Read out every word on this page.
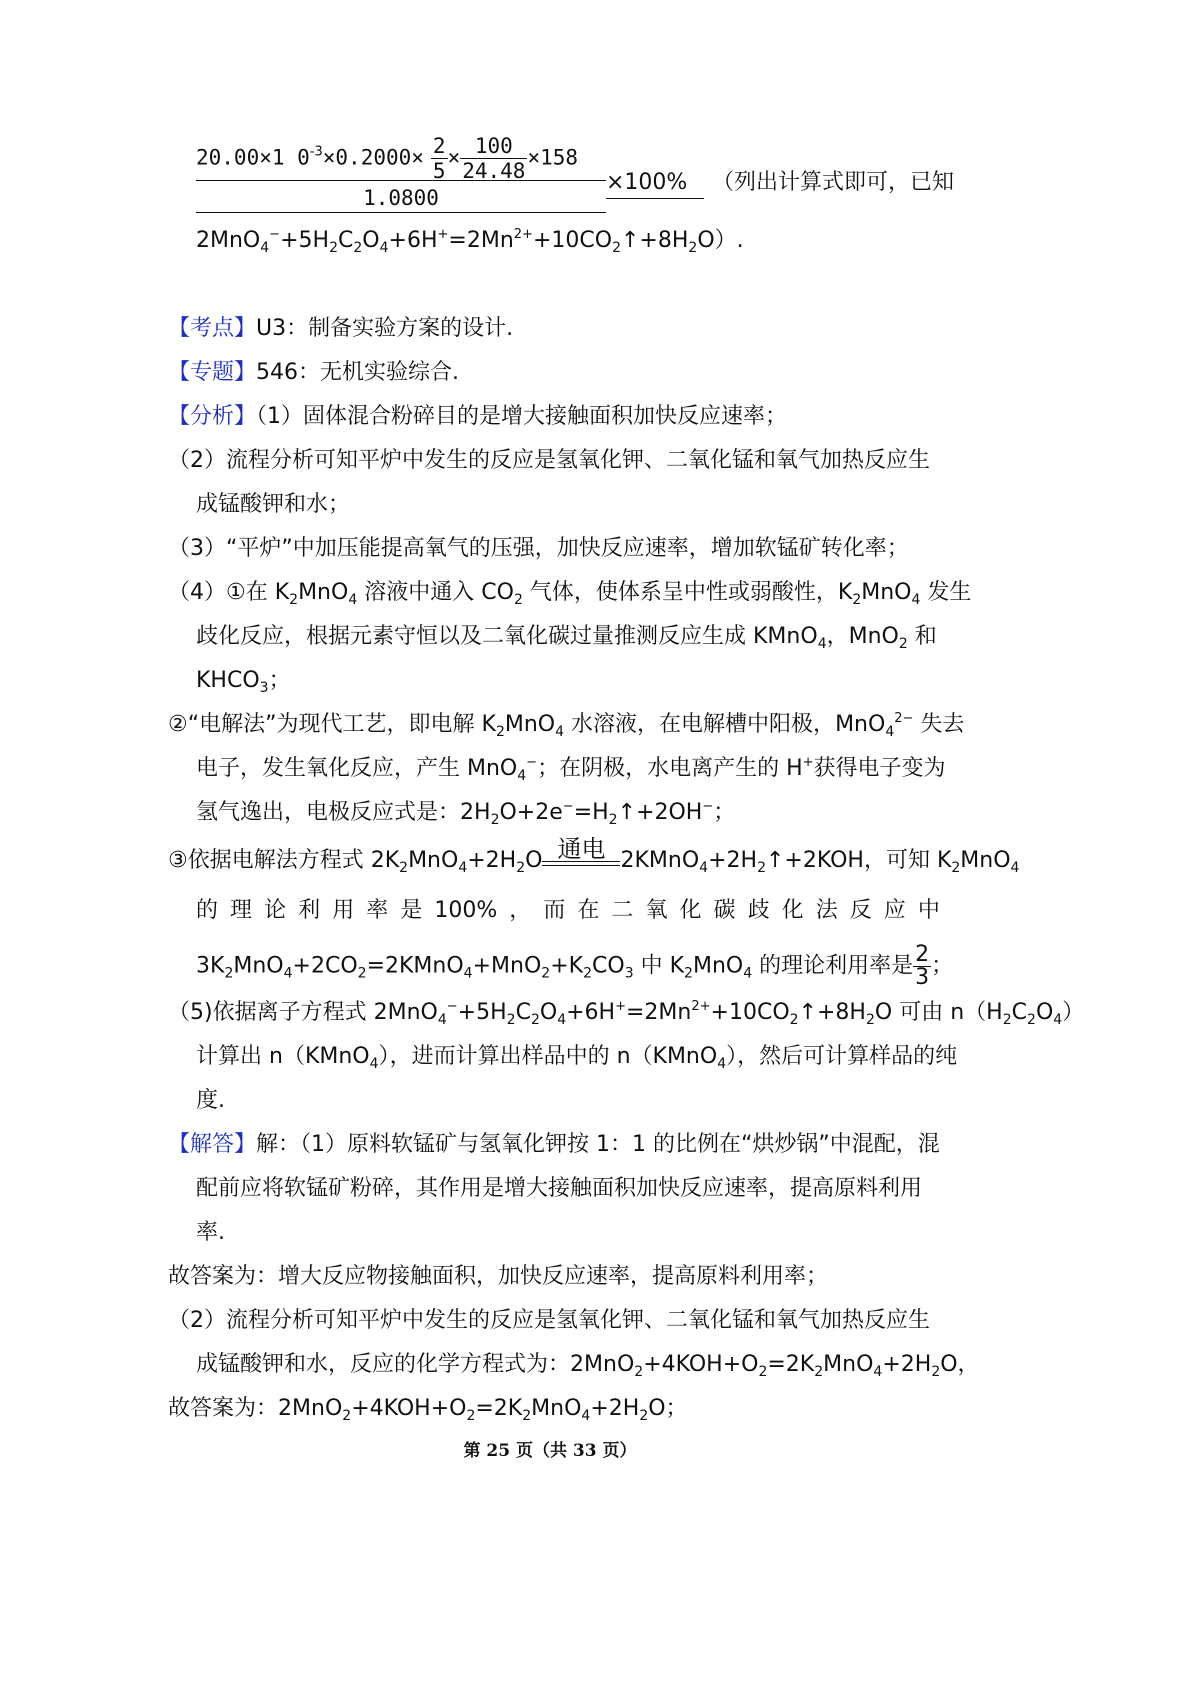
$\frac{20.00\times 1 0^{-3}\times 0.2000\times \frac{2}{5} \times \frac{100}{24.48} \times 158}{1.0800}$
×100%	（列出计算式即可，已知
$2MnO_4^-+5H_2C_2O_4+6H^+=2Mn^{2+}+10CO_2↑+8H_2O$）.
【考点】U3：制备实验方案的设计.
【专题】546：无机实验综合.
【分析】（1）固体混合粉碎目的是增大接触面积加快反应速率；
（2）流程分析可知平炉中发生的反应是氢氧化钾、二氧化锰和氧气加热反应生
成锰酸钾和水；
（3）“平炉”中加压能提高氧气的压强，加快反应速率，增加软锰矿转化率；
（4）①在 $K_2MnO_4$ 溶液中通入 $CO_2$ 气体，使体系呈中性或弱酸性，$K_2MnO_4$ 发生
歧化反应，根据元素守恒以及二氧化碳过量推测反应生成 KMnO$_4$，MnO$_2$ 和
$KHCO_3$；
②“电解法”为现代工艺，即电解 $K_2MnO_4$ 水溶液，在电解槽中阳极，MnO$_4^{2-}$ 失去
电子，发生氧化反应，产生 MnO$_4$−；在阴极，水电离产生的 H+获得电子变为
氢气逸出，电极反应式是：$2H_2O+2e^-=H_2↑+2OH^-$；
③依据电解法方程式 $2K_2MnO_4+2H_2O$ 通电 $2KMnO_4+2H_2↑+2KOH$，可知 $K_2MnO_4$
的 理 论 利 用 率 是 100% ， 而 在 二 氧 化 碳 歧 化 法 反 应 中
$3K_2MnO_4+2CO_2=2KMnO_4+MnO_2+K_2CO_3$ 中 $K_2MnO_4$ 的理论利用率是 $\frac{2}{3}$ ；
（5)依据离子方程式 $2MnO_4^-+5H_2C_2O_4+6H^+=2Mn^{2+}+10CO_2↑+8H_2O$ 可由 $n(H_2C_2O_4)$
计算出 n（KMnO$_4$），进而计算出样品中的 n（KMnO$_4$），然后可计算样品的纯
度.
【解答】解：（1）原料软锰矿与氢氧化钾按 1：1 的比例在“烘炒锅”中混配，混
配前应将软锰矿粉碎，其作用是增大接触面积加快反应速率，提高原料利用
率.
故答案为：增大反应物接触面积，加快反应速率，提高原料利用率；
（2）流程分析可知平炉中发生的反应是氢氧化钾、二氧化锰和氧气加热反应生
成锰酸钾和水，反应的化学方程式为：$2MnO_2+4KOH+O_2=2K_2MnO_4+2H_2O$，
故答案为：$2MnO_2+4KOH+O_2=2K_2MnO_4+2H_2O$；
第 25 页（共 33 页）
